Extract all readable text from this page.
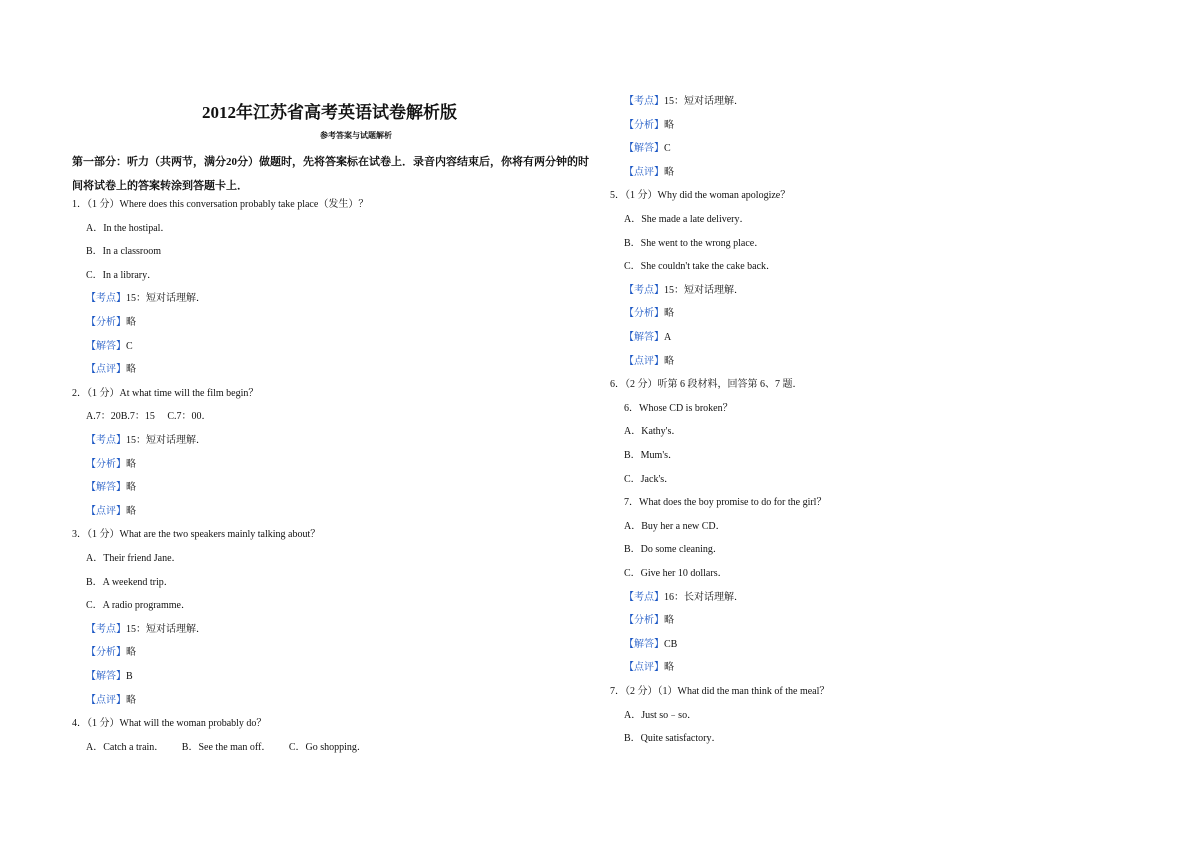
2012年江苏省高考英语试卷解析版
参考答案与试题解析
第一部分：听力（共两节，满分20分）做题时，先将答案标在试卷上．录音内容结束后，你将有两分钟的时间将试卷上的答案转涂到答题卡上．
1．（1 分）Where does this conversation probably take place（发生）？
A．In the hostipal．
B．In a classroom
C．In a library．
【考点】15：短对话理解．
【分析】略
【解答】C
【点评】略
2．（1 分）At what time will the film begin？
A.7：20B.7：15　 C.7：00．
【考点】15：短对话理解．
【分析】略
【解答】略
【点评】略
3．（1 分）What are the two speakers mainly talking about？
A．Their friend Jane．
B．A weekend trip．
C．A radio programme．
【考点】15：短对话理解．
【分析】略
【解答】B
【点评】略
4．（1 分）What will the woman probably do？
A．Catch a train．　　 B．See the man off．　　 C．Go shopping．
【考点】15：短对话理解．
【分析】略
【解答】C
【点评】略
5．（1 分）Why did the woman apologize？
A．She made a late delivery．
B．She went to the wrong place．
C．She couldn't take the cake back．
【考点】15：短对话理解．
【分析】略
【解答】A
【点评】略
6．（2 分）听第 6 段材料，回答第 6、7 题．
6．Whose CD is broken？
A．Kathy's．
B．Mum's．
C．Jack's．
7．What does the boy promise to do for the girl？
A．Buy her a new CD．
B．Do some cleaning．
C．Give her 10 dollars．
【考点】16：长对话理解．
【分析】略
【解答】CB
【点评】略
7．（2 分）（1）What did the man think of the meal？
A．Just so﹣so．
B．Quite satisfactory．
